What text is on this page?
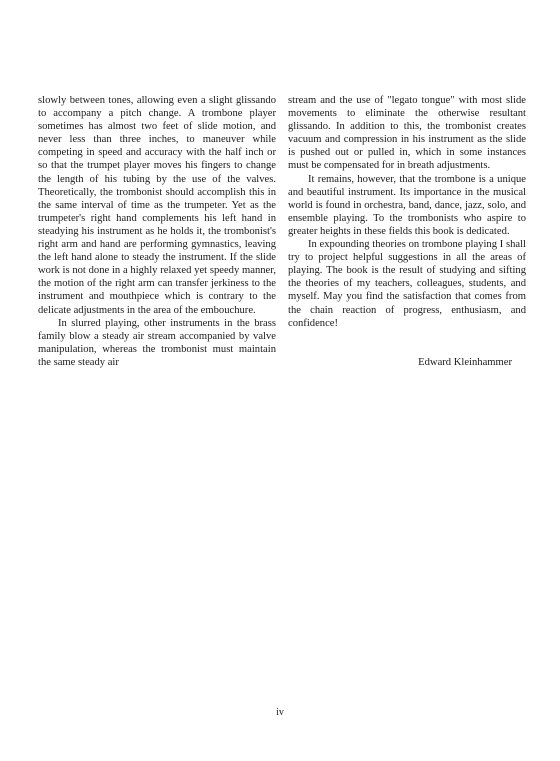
slowly between tones, allowing even a slight glissando to accompany a pitch change. A trombone player sometimes has almost two feet of slide motion, and never less than three inches, to maneuver while competing in speed and accuracy with the half inch or so that the trumpet player moves his fingers to change the length of his tubing by the use of the valves. Theoretically, the trombonist should accomplish this in the same interval of time as the trumpeter. Yet as the trumpeter's right hand complements his left hand in steadying his instrument as he holds it, the trombonist's right arm and hand are performing gymnastics, leaving the left hand alone to steady the instrument. If the slide work is not done in a highly relaxed yet speedy manner, the motion of the right arm can transfer jerkiness to the instrument and mouthpiece which is contrary to the delicate adjustments in the area of the embouchure.

In slurred playing, other instruments in the brass family blow a steady air stream accompanied by valve manipulation, whereas the trombonist must maintain the same steady air

stream and the use of "legato tongue" with most slide movements to eliminate the otherwise resultant glissando. In addition to this, the trombonist creates vacuum and compression in his instrument as the slide is pushed out or pulled in, which in some instances must be compensated for in breath adjustments.

It remains, however, that the trombone is a unique and beautiful instrument. Its importance in the musical world is found in orchestra, band, dance, jazz, solo, and ensemble playing. To the trombonists who aspire to greater heights in these fields this book is dedicated.

In expounding theories on trombone playing I shall try to project helpful suggestions in all the areas of playing. The book is the result of studying and sifting the theories of my teachers, colleagues, students, and myself. May you find the satisfaction that comes from the chain reaction of progress, enthusiasm, and confidence!

Edward Kleinhammer
iv
